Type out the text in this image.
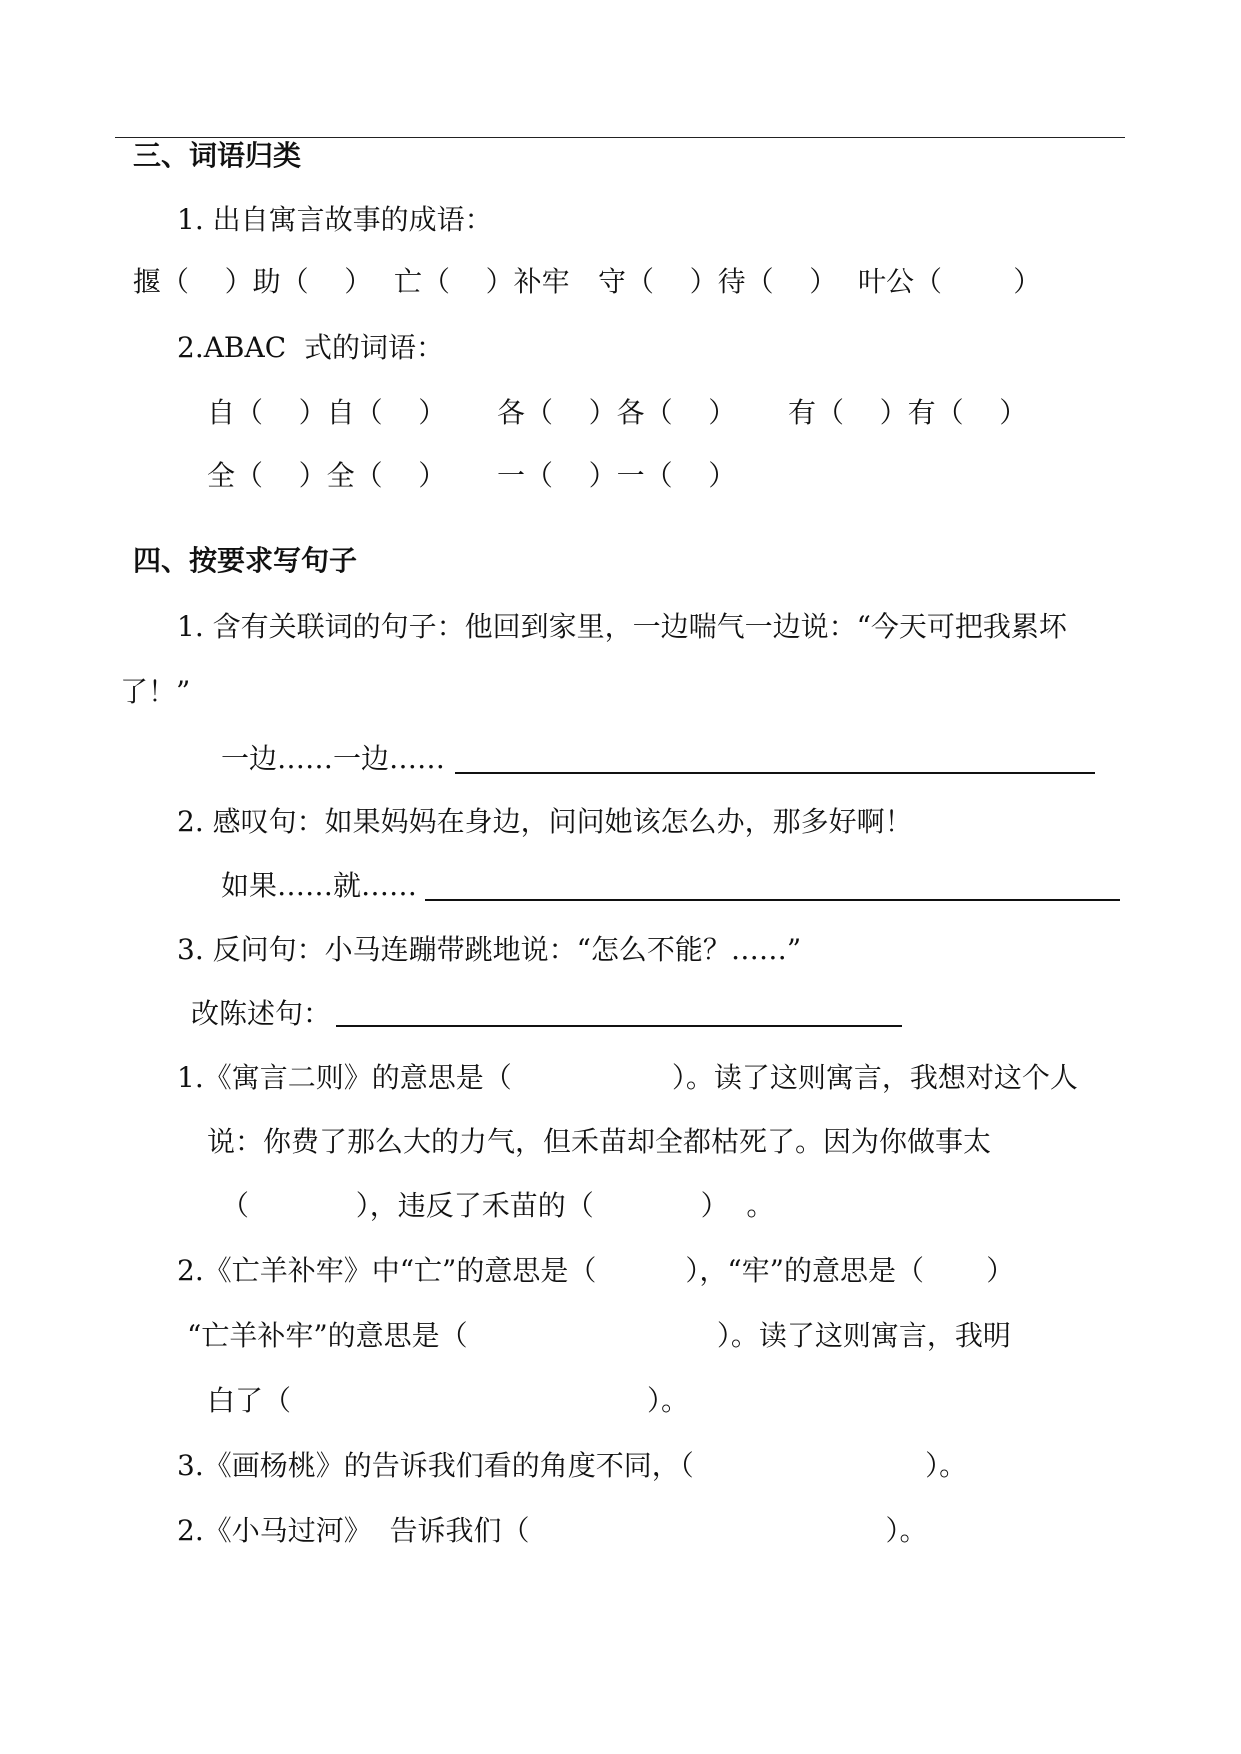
三、词语归类
1. 出自寓言故事的成语：
揠（    ）助（    ） 亡（    ）补牢 守（    ）待（    ） 叶公（        ）
2.ABAC  式的词语：
自（    ）自（    ） 各（    ）各（    ） 有（    ）有（    ）
全（    ）全（    ） 一（    ）一（    ）
四、按要求写句子
1. 含有关联词的句子：他回到家里，一边喘气一边说：“今天可把我累坏
了！”
一边……一边……
2. 感叹句：如果妈妈在身边，问问她该怎么办，那多好啊！
如果……就……
3. 反问句：小马连蹦带跳地说：“怎么不能？……”
改陈述句：
1.《寓言二则》的意思是（                  ）。读了这则寓言，我想对这个人
说：你费了那么大的力气，但禾苗却全都枯死了。因为你做事太
（            ），违反了禾苗的（            ）  。
2.《亡羊补牢》中“亡”的意思是（          ），“牢”的意思是（       ）
“亡羊补牢”的意思是（                            ）。读了这则寓言，我明
白了（                                        ）。
3.《画杨桃》的告诉我们看的角度不同，（                          ）。
2.《小马过河》  告诉我们（                                        ）。
